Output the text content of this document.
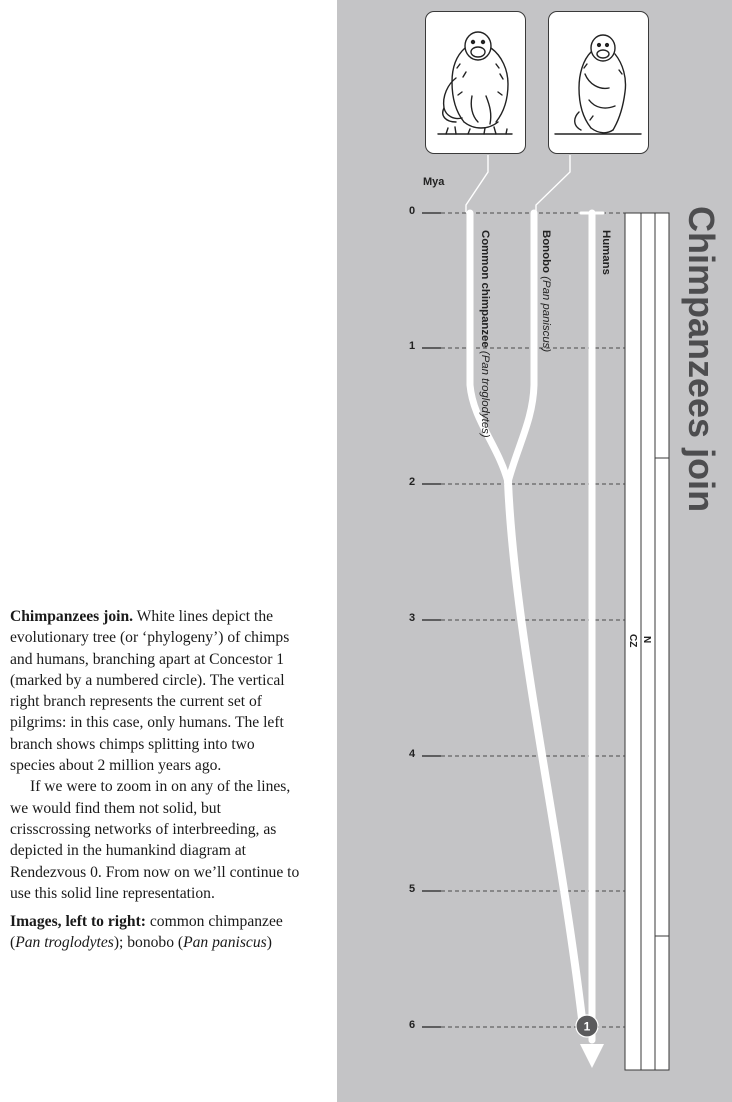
Chimpanzees join. White lines depict the evolutionary tree (or ‘phylogeny’) of chimps and humans, branching apart at Concestor 1 (marked by a numbered circle). The vertical right branch represents the current set of pilgrims: in this case, only humans. The left branch shows chimps splitting into two species about 2 million years ago.

If we were to zoom in on any of the lines, we would find them not solid, but crisscrossing networks of interbreeding, as depicted in the humankind diagram at Rendezvous 0. From now on we’ll continue to use this solid line representation.

Images, left to right: common chimpanzee (Pan troglodytes); bonobo (Pan paniscus)

1
Mya
0
1
2
3
4
5
6
Common chimpanzee (Pan troglodytes)
Bonobo (Pan paniscus)
Humans
CZ N
Chimpanzees join
